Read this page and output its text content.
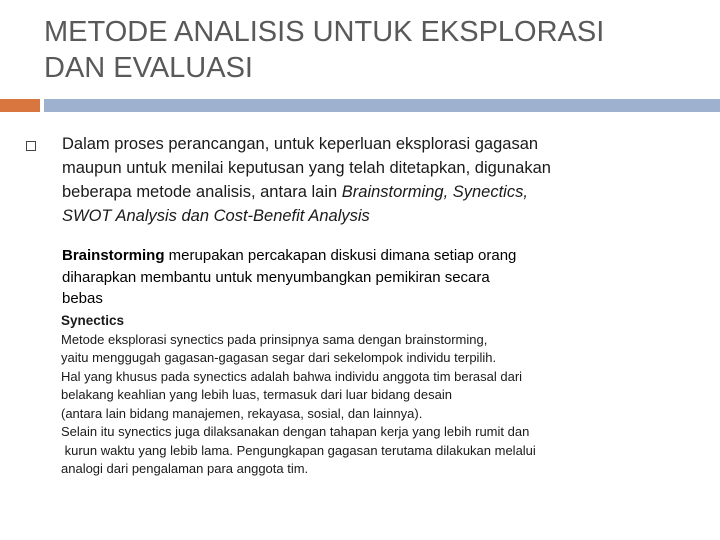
METODE ANALISIS UNTUK EKSPLORASI
DAN EVALUASI
Dalam proses perancangan, untuk keperluan eksplorasi gagasan
maupun untuk menilai keputusan yang telah ditetapkan, digunakan
beberapa metode analisis, antara lain Brainstorming, Synectics,
SWOT Analysis dan Cost-Benefit Analysis
Brainstorming merupakan percakapan diskusi dimana setiap orang
diharapkan membantu untuk menyumbangkan pemikiran secara
bebas
Synectics
Metode eksplorasi synectics pada prinsipnya sama dengan brainstorming,
yaitu menggugah gagasan-gagasan segar dari sekelompok individu terpilih.
Hal yang khusus pada synectics adalah bahwa individu anggota tim berasal dari
belakang keahlian yang lebih luas, termasuk dari luar bidang desain
(antara lain bidang manajemen, rekayasa, sosial, dan lainnya).
Selain itu synectics juga dilaksanakan dengan tahapan kerja yang lebih rumit dan
kurun waktu yang lebib lama. Pengungkapan gagasan terutama dilakukan melalui
analogi dari pengalaman para anggota tim.
